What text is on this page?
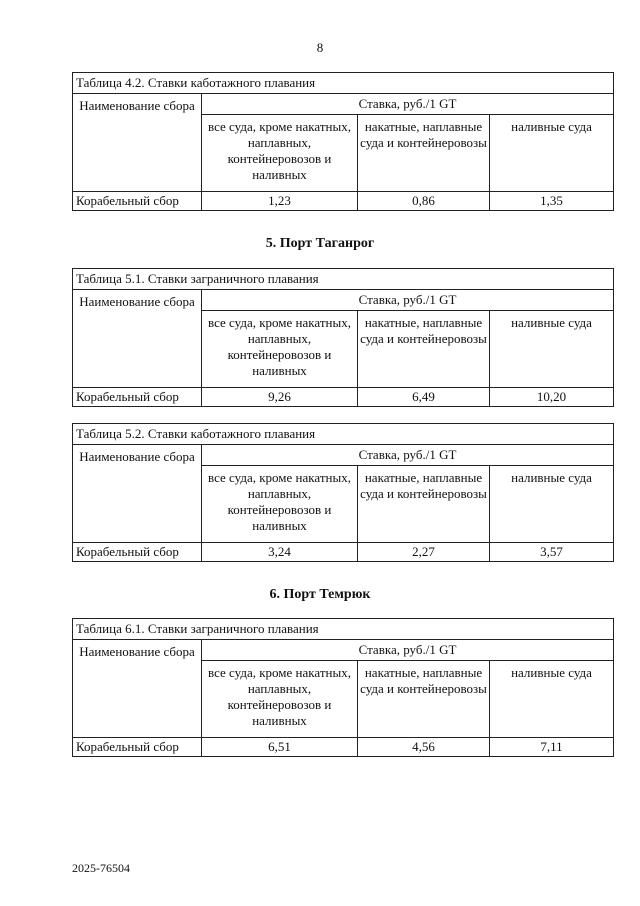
8
Таблица 4.2. Ставки каботажного плавания			
Наименование сбора	Ставка, руб./1 GT		
	все суда, кроме накатных, наплавных, контейнеровозов и наливных	накатные, наплавные суда и контейнеровозы	наливные суда
Корабельный сбор	1,23	0,86	1,35
5. Порт Таганрог
Таблица 5.1. Ставки заграничного плавания			
Наименование сбора	Ставка, руб./1 GT		
	все суда, кроме накатных, наплавных, контейнеровозов и наливных	накатные, наплавные суда и контейнеровозы	наливные суда
Корабельный сбор	9,26	6,49	10,20
Таблица 5.2. Ставки каботажного плавания			
Наименование сбора	Ставка, руб./1 GT		
	все суда, кроме накатных, наплавных, контейнеровозов и наливных	накатные, наплавные суда и контейнеровозы	наливные суда
Корабельный сбор	3,24	2,27	3,57
6. Порт Темрюк
Таблица 6.1. Ставки заграничного плавания			
Наименование сбора	Ставка, руб./1 GT		
	все суда, кроме накатных, наплавных, контейнеровозов и наливных	накатные, наплавные суда и контейнеровозы	наливные суда
Корабельный сбор	6,51	4,56	7,11
2025-76504
